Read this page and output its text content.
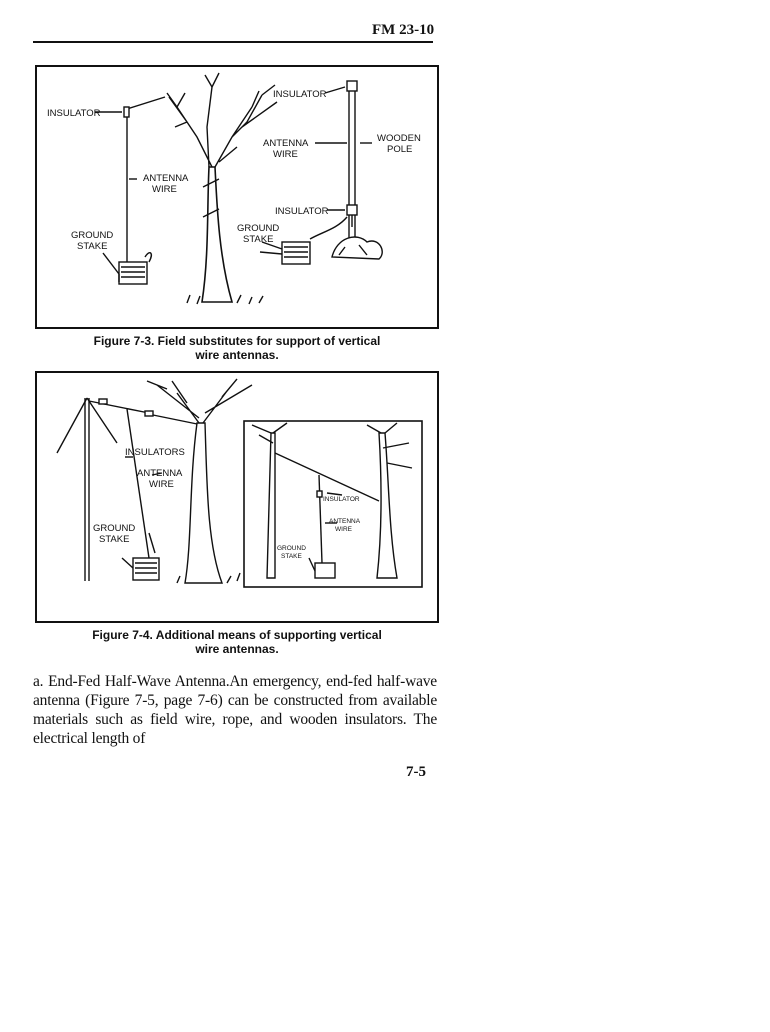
FM 23-10
INSULATOR
ANTENNA
WIRE
GROUND
STAKE
INSULATOR
ANTENNA
WIRE
WOODEN
POLE
INSULATOR
GROUND
STAKE
Figure 7-3. Field substitutes for support of vertical
wire antennas.
INSULATORS
ANTENNA
WIRE
GROUND
STAKE
INSULATOR
ANTENNA
WIRE
GROUND
STAKE
Figure 7-4. Additional means of supporting vertical
wire antennas.
a. End-Fed Half-Wave Antenna.An emergency, end-fed half-wave antenna (Figure 7-5, page 7-6) can be constructed from available materials such as field wire, rope, and wooden insulators. The electrical length of
7-5
